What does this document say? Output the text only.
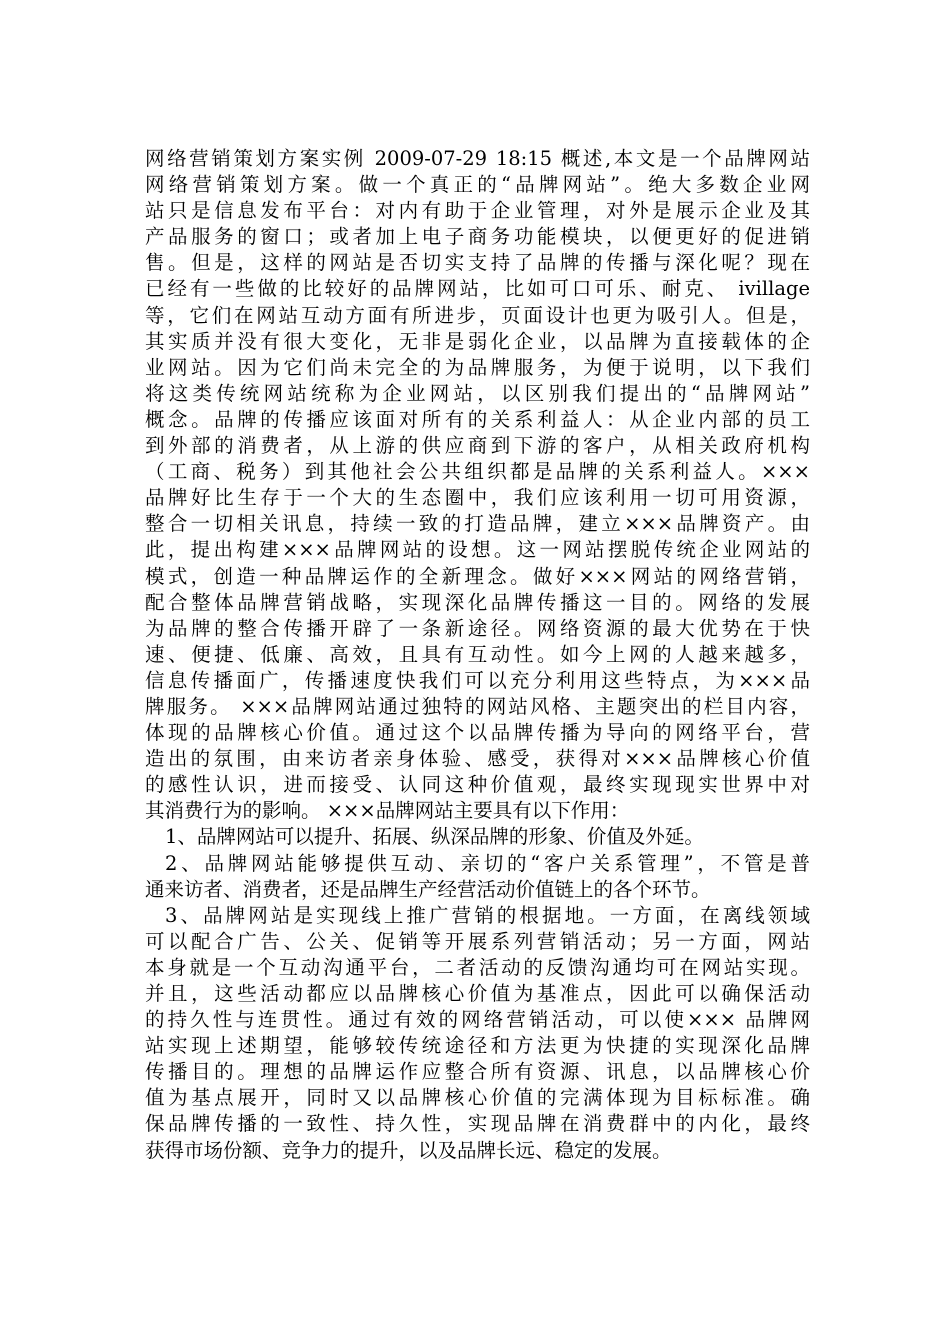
网络营销策划方案实例 2009-07-29 18:15 概述,本文是一个品牌网站
网络营销策划方案。做一个真正的“品牌网站”。绝大多数企业网
站只是信息发布平台：对内有助于企业管理，对外是展示企业及其
产品服务的窗口；或者加上电子商务功能模块，以便更好的促进销
售。但是，这样的网站是否切实支持了品牌的传播与深化呢？现在
已经有一些做的比较好的品牌网站，比如可口可乐、耐克、 ivillage
等，它们在网站互动方面有所进步，页面设计也更为吸引人。但是，
其实质并没有很大变化，无非是弱化企业，以品牌为直接载体的企
业网站。因为它们尚未完全的为品牌服务，为便于说明，以下我们
将这类传统网站统称为企业网站，以区别我们提出的“品牌网站”
概念。品牌的传播应该面对所有的关系利益人：从企业内部的员工
到外部的消费者，从上游的供应商到下游的客户，从相关政府机构
（工商、税务）到其他社会公共组织都是品牌的关系利益人。×××
品牌好比生存于一个大的生态圈中，我们应该利用一切可用资源，
整合一切相关讯息，持续一致的打造品牌，建立×××品牌资产。由
此，提出构建×××品牌网站的设想。这一网站摆脱传统企业网站的
模式，创造一种品牌运作的全新理念。做好×××网站的网络营销，
配合整体品牌营销战略，实现深化品牌传播这一目的。网络的发展
为品牌的整合传播开辟了一条新途径。网络资源的最大优势在于快
速、便捷、低廉、高效，且具有互动性。如今上网的人越来越多，
信息传播面广，传播速度快我们可以充分利用这些特点，为×××品
牌服务。 ×××品牌网站通过独特的网站风格、主题突出的栏目内容，
体现的品牌核心价值。通过这个以品牌传播为导向的网络平台，营
造出的氛围，由来访者亲身体验、感受，获得对×××品牌核心价值
的感性认识，进而接受、认同这种价值观，最终实现现实世界中对
其消费行为的影响。 ×××品牌网站主要具有以下作用：
1、品牌网站可以提升、拓展、纵深品牌的形象、价值及外延。
2、品牌网站能够提供互动、亲切的“客户关系管理”，不管是普
通来访者、消费者，还是品牌生产经营活动价值链上的各个环节。
3、品牌网站是实现线上推广营销的根据地。一方面，在离线领域
可以配合广告、公关、促销等开展系列营销活动；另一方面，网站
本身就是一个互动沟通平台，二者活动的反馈沟通均可在网站实现。
并且，这些活动都应以品牌核心价值为基准点，因此可以确保活动
的持久性与连贯性。通过有效的网络营销活动，可以使××× 品牌网
站实现上述期望，能够较传统途径和方法更为快捷的实现深化品牌
传播目的。理想的品牌运作应整合所有资源、讯息，以品牌核心价
值为基点展开，同时又以品牌核心价值的完满体现为目标标准。确
保品牌传播的一致性、持久性，实现品牌在消费群中的内化，最终
获得市场份额、竞争力的提升，以及品牌长远、稳定的发展。
